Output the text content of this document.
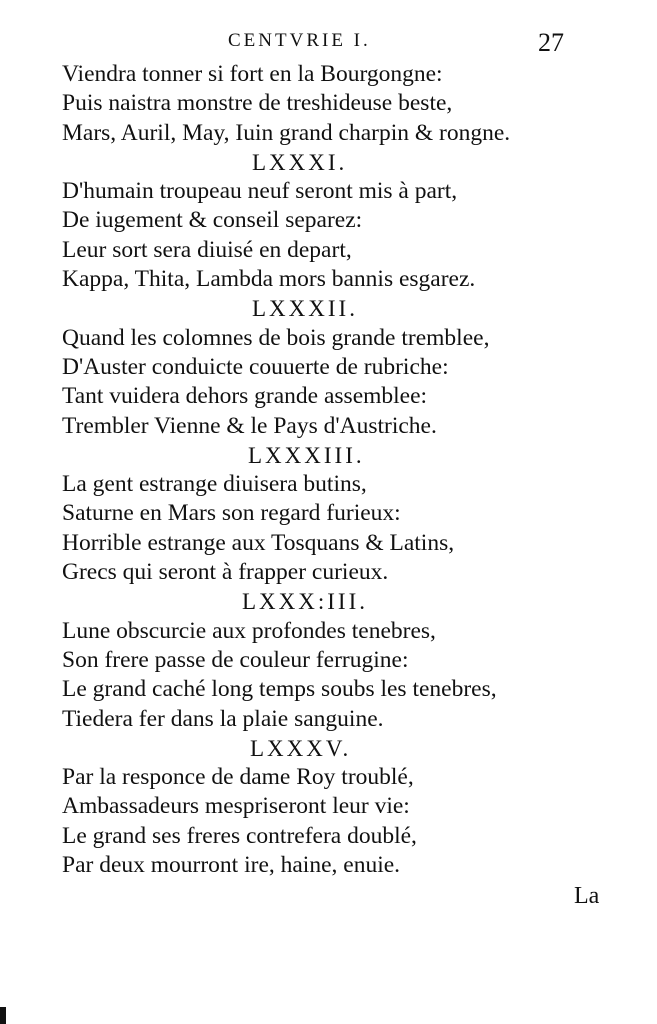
CENTVRIE I.	27
Viendra tonner si fort en la Bourgongne:
Puis naistra monstre de treshideuse beste,
Mars, Auril, May, Iuin grand charpin & rongne.
LXXXI.
D'humain troupeau neuf seront mis à part,
De iugement & conseil separez:
Leur sort sera diuisé en depart,
Kappa, Thita, Lambda mors bannis esgarez.
LXXXII.
Quand les colomnes de bois grande tremblee,
D'Auster conduicte couuerte de rubriche:
Tant vuidera dehors grande assemblee:
Trembler Vienne & le Pays d'Austriche.
LXXXIII.
La gent estrange diuisera butins,
Saturne en Mars son regard furieux:
Horrible estrange aux Tosquans & Latins,
Grecs qui seront à frapper curieux.
LXXX:III.
Lune obscurcie aux profondes tenebres,
Son frere passe de couleur ferrugine:
Le grand caché long temps soubs les tenebres,
Tiedera fer dans la plaie sanguine.
LXXXV.
Par la responce de dame Roy troublé,
Ambassadeurs mespriseront leur vie:
Le grand ses freres contrefera doublé,
Par deux mourront ire, haine, enuie.
La
